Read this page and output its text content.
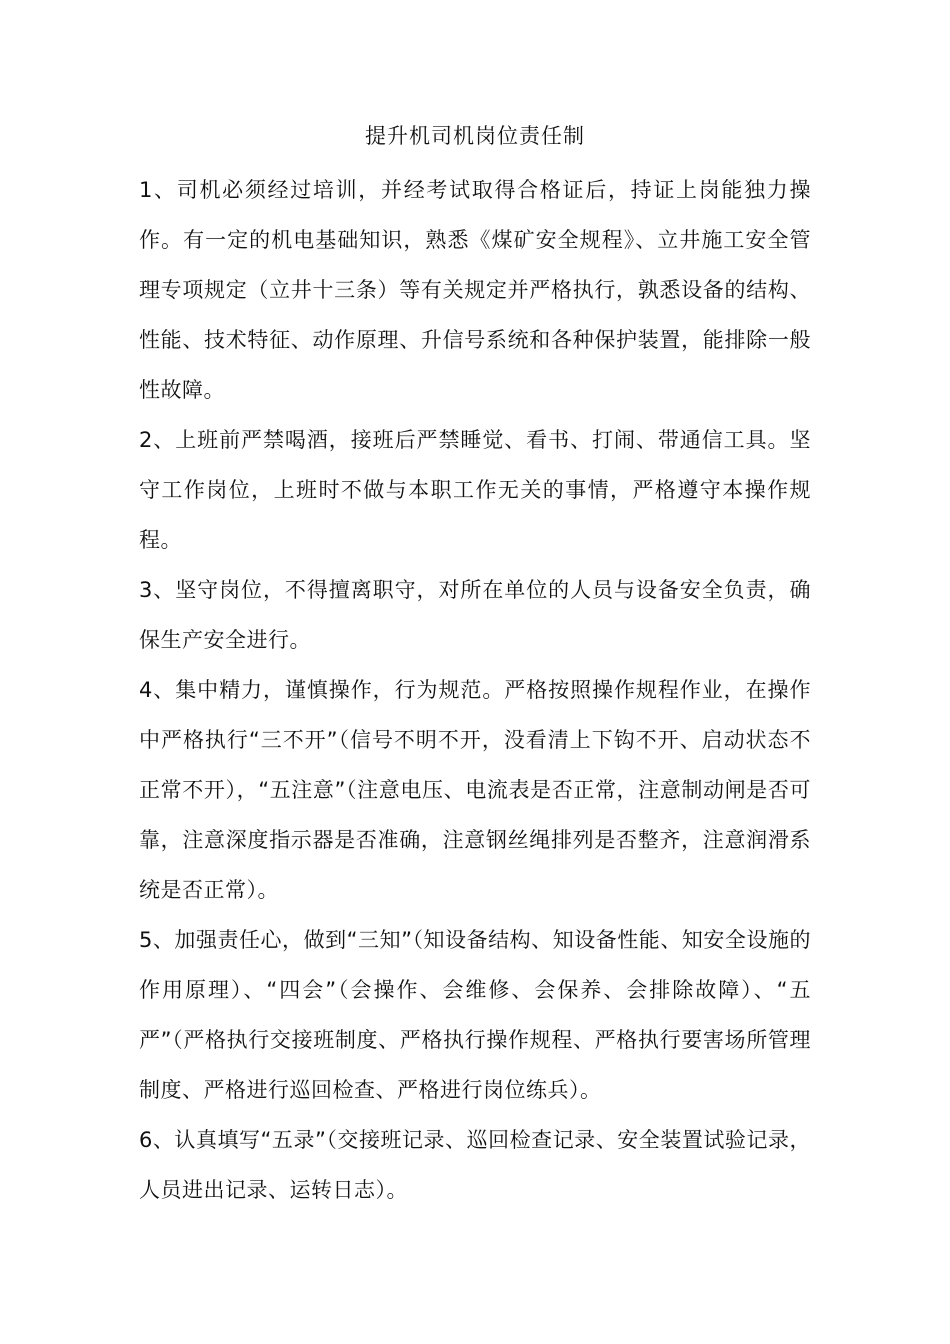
提升机司机岗位责任制

1、司机必须经过培训，并经考试取得合格证后，持证上岗能独力操作。有一定的机电基础知识，熟悉《煤矿安全规程》、立井施工安全管理专项规定（立井十三条）等有关规定并严格执行，孰悉设备的结构、性能、技术特征、动作原理、升信号系统和各种保护装置，能排除一般性故障。

2、上班前严禁喝酒，接班后严禁睡觉、看书、打闹、带通信工具。坚守工作岗位，上班时不做与本职工作无关的事情，严格遵守本操作规程。

3、坚守岗位，不得擅离职守，对所在单位的人员与设备安全负责，确保生产安全进行。

4、集中精力，谨慎操作，行为规范。严格按照操作规程作业，在操作中严格执行“三不开”（信号不明不开，没看清上下钩不开、启动状态不正常不开），“五注意”（注意电压、电流表是否正常，注意制动闸是否可靠，注意深度指示器是否准确，注意钢丝绳排列是否整齐，注意润滑系统是否正常）。

5、加强责任心，做到“三知”（知设备结构、知设备性能、知安全设施的作用原理）、“四会”（会操作、会维修、会保养、会排除故障）、“五严”（严格执行交接班制度、严格执行操作规程、严格执行要害场所管理制度、严格进行巡回检查、严格进行岗位练兵）。

6、认真填写“五录”（交接班记录、巡回检查记录、安全装置试验记录，人员进出记录、运转日志）。
